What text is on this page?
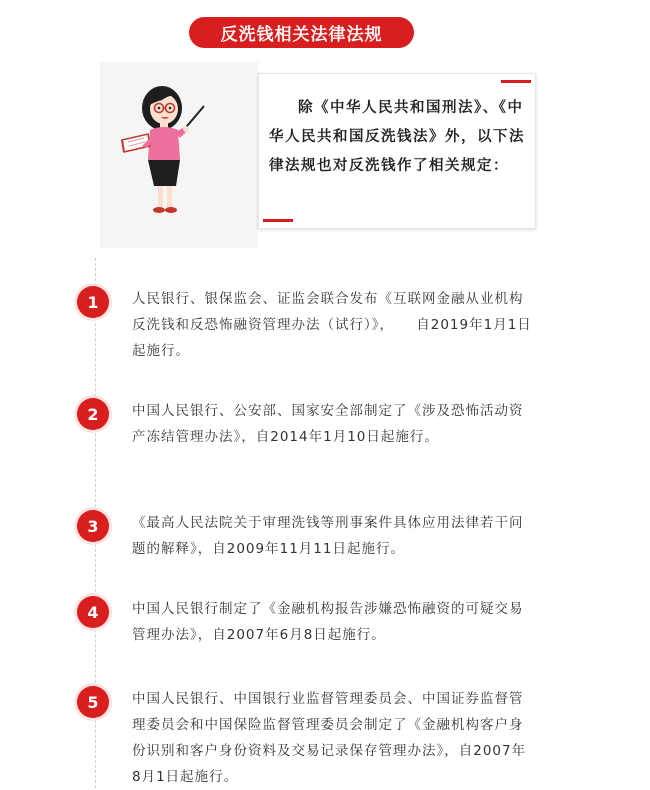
反洗钱相关法律法规
除《中华人民共和国刑法》、《中华人民共和国反洗钱法》外，以下法律法规也对反洗钱作了相关规定：
1	人民银行、银保监会、证监会联合发布《互联网金融从业机构反洗钱和反恐怖融资管理办法（试行）》，　　自2019年1月1日起施行。
2	中国人民银行、公安部、国家安全部制定了《涉及恐怖活动资产冻结管理办法》，自2014年1月10日起施行。
3	《最高人民法院关于审理洗钱等刑事案件具体应用法律若干问题的解释》，自2009年11月11日起施行。
4	中国人民银行制定了《金融机构报告涉嫌恐怖融资的可疑交易管理办法》，自2007年6月8日起施行。
5	中国人民银行、中国银行业监督管理委员会、中国证券监督管理委员会和中国保险监督管理委员会制定了《金融机构客户身份识别和客户身份资料及交易记录保存管理办法》，自2007年8月1日起施行。
